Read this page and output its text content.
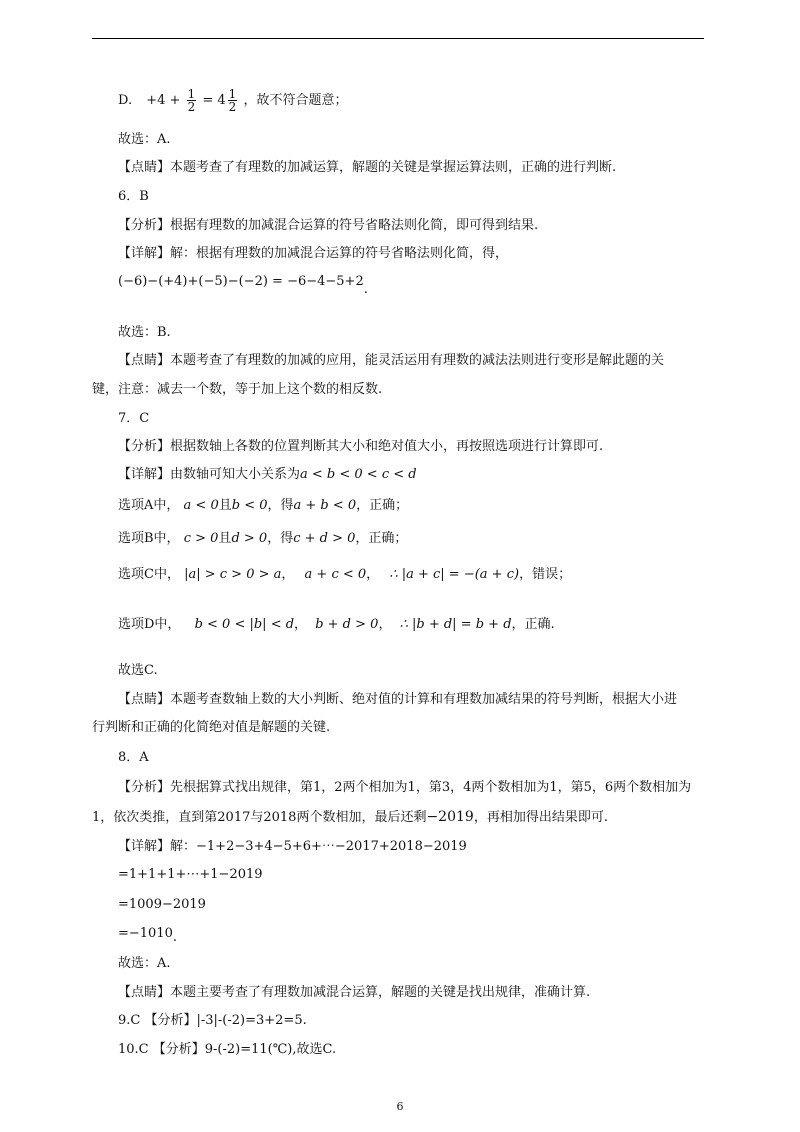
D. $+4 + \frac{1}{2} = 4 \frac{1}{2}$ ，故不符合题意；
故选：A.
【点睛】本题考查了有理数的加减运算，解题的关键是掌握运算法则，正确的进行判断.
6．B
【分析】根据有理数的加减混合运算的符号省略法则化简，即可得到结果.
【详解】解：根据有理数的加减混合运算的符号省略法则化简，得，
(−6)−(+4)+(−5)−(−2) = −6−4−5+2.
故选：B.
【点睛】本题考查了有理数的加减的应用，能灵活运用有理数的减法法则进行变形是解此题的关
键，注意：减去一个数，等于加上这个数的相反数.
7．C
【分析】根据数轴上各数的位置判断其大小和绝对值大小，再按照选项进行计算即可.
【详解】由数轴可知大小关系为a < b < 0 < c < d
选项A中， a < 0且b < 0，得a + b < 0，正确；
选项B中， c > 0且d > 0，得c + d > 0，正确；
选项C中， |a| > c > 0 > a， a + c < 0， ∴ |a + c| = −(a + c)，错误；
选项D中， b < 0 < |b| < d， b + d > 0， ∴ |b + d| = b + d，正确.
故选C.
【点睛】本题考查数轴上数的大小判断、绝对值的计算和有理数加减结果的符号判断，根据大小进
行判断和正确的化简绝对值是解题的关键.
8．A
【分析】先根据算式找出规律，第1，2两个相加为1，第3，4两个数相加为1，第5，6两个数相加为
1，依次类推，直到第2017与2018两个数相加，最后还剩−2019，再相加得出结果即可.
【详解】解：−1+2−3+4−5+6+⋯−2017+2018−2019
=1+1+1+⋯+1−2019
=1009−2019
=−1010.
故选：A.
【点睛】本题主要考查了有理数加减混合运算，解题的关键是找出规律，准确计算.
9.C 【分析】|-3|-(-2)=3+2=5.
10.C 【分析】9-(-2)=11(℃),故选C.
6
